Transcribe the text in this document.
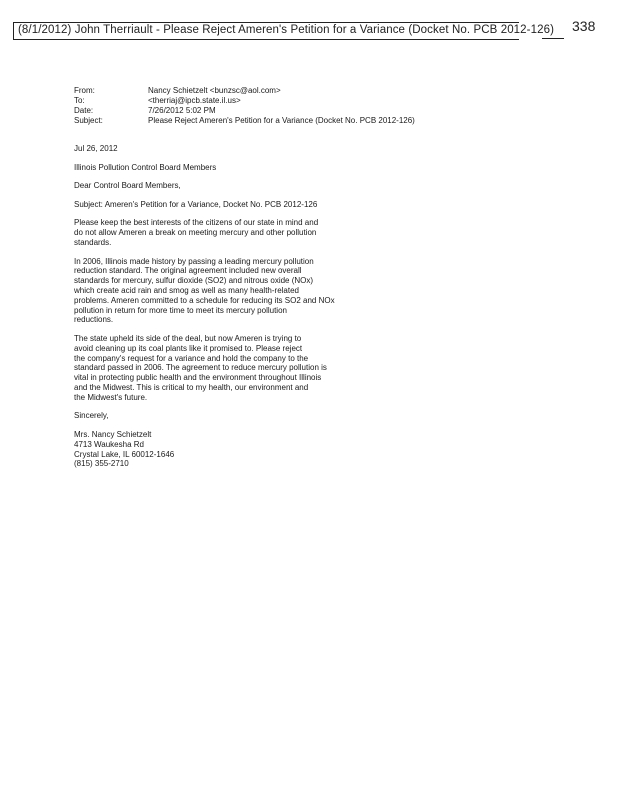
(8/1/2012) John Therriault - Please Reject Ameren's Petition for a Variance (Docket No. PCB 2012-126) 338
From:	Nancy Schietzelt <bunzsc@aol.com>
To:	<therriaj@ipcb.state.il.us>
Date:	7/26/2012 5:02 PM
Subject:	Please Reject Ameren's Petition for a Variance (Docket No. PCB 2012-126)

Jul 26, 2012

Illinois Pollution Control Board Members

Dear Control Board Members,

Subject: Ameren's Petition for a Variance, Docket No. PCB 2012-126

Please keep the best interests of the citizens of our state in mind and
do not allow Ameren a break on meeting mercury and other pollution
standards.

In 2006, Illinois made history by passing a leading mercury pollution
reduction standard. The original agreement included new overall
standards for mercury, sulfur dioxide (SO2) and nitrous oxide (NOx)
which create acid rain and smog as well as many health-related
problems. Ameren committed to a schedule for reducing its SO2 and NOx
pollution in return for more time to meet its mercury pollution
reductions.

The state upheld its side of the deal, but now Ameren is trying to
avoid cleaning up its coal plants like it promised to. Please reject
the company's request for a variance and hold the company to the
standard passed in 2006. The agreement to reduce mercury pollution is
vital in protecting public health and the environment throughout Illinois
and the Midwest. This is critical to my health, our environment and
the Midwest's future.

Sincerely,

Mrs. Nancy Schietzelt
4713 Waukesha Rd
Crystal Lake, IL 60012-1646
(815) 355-2710
